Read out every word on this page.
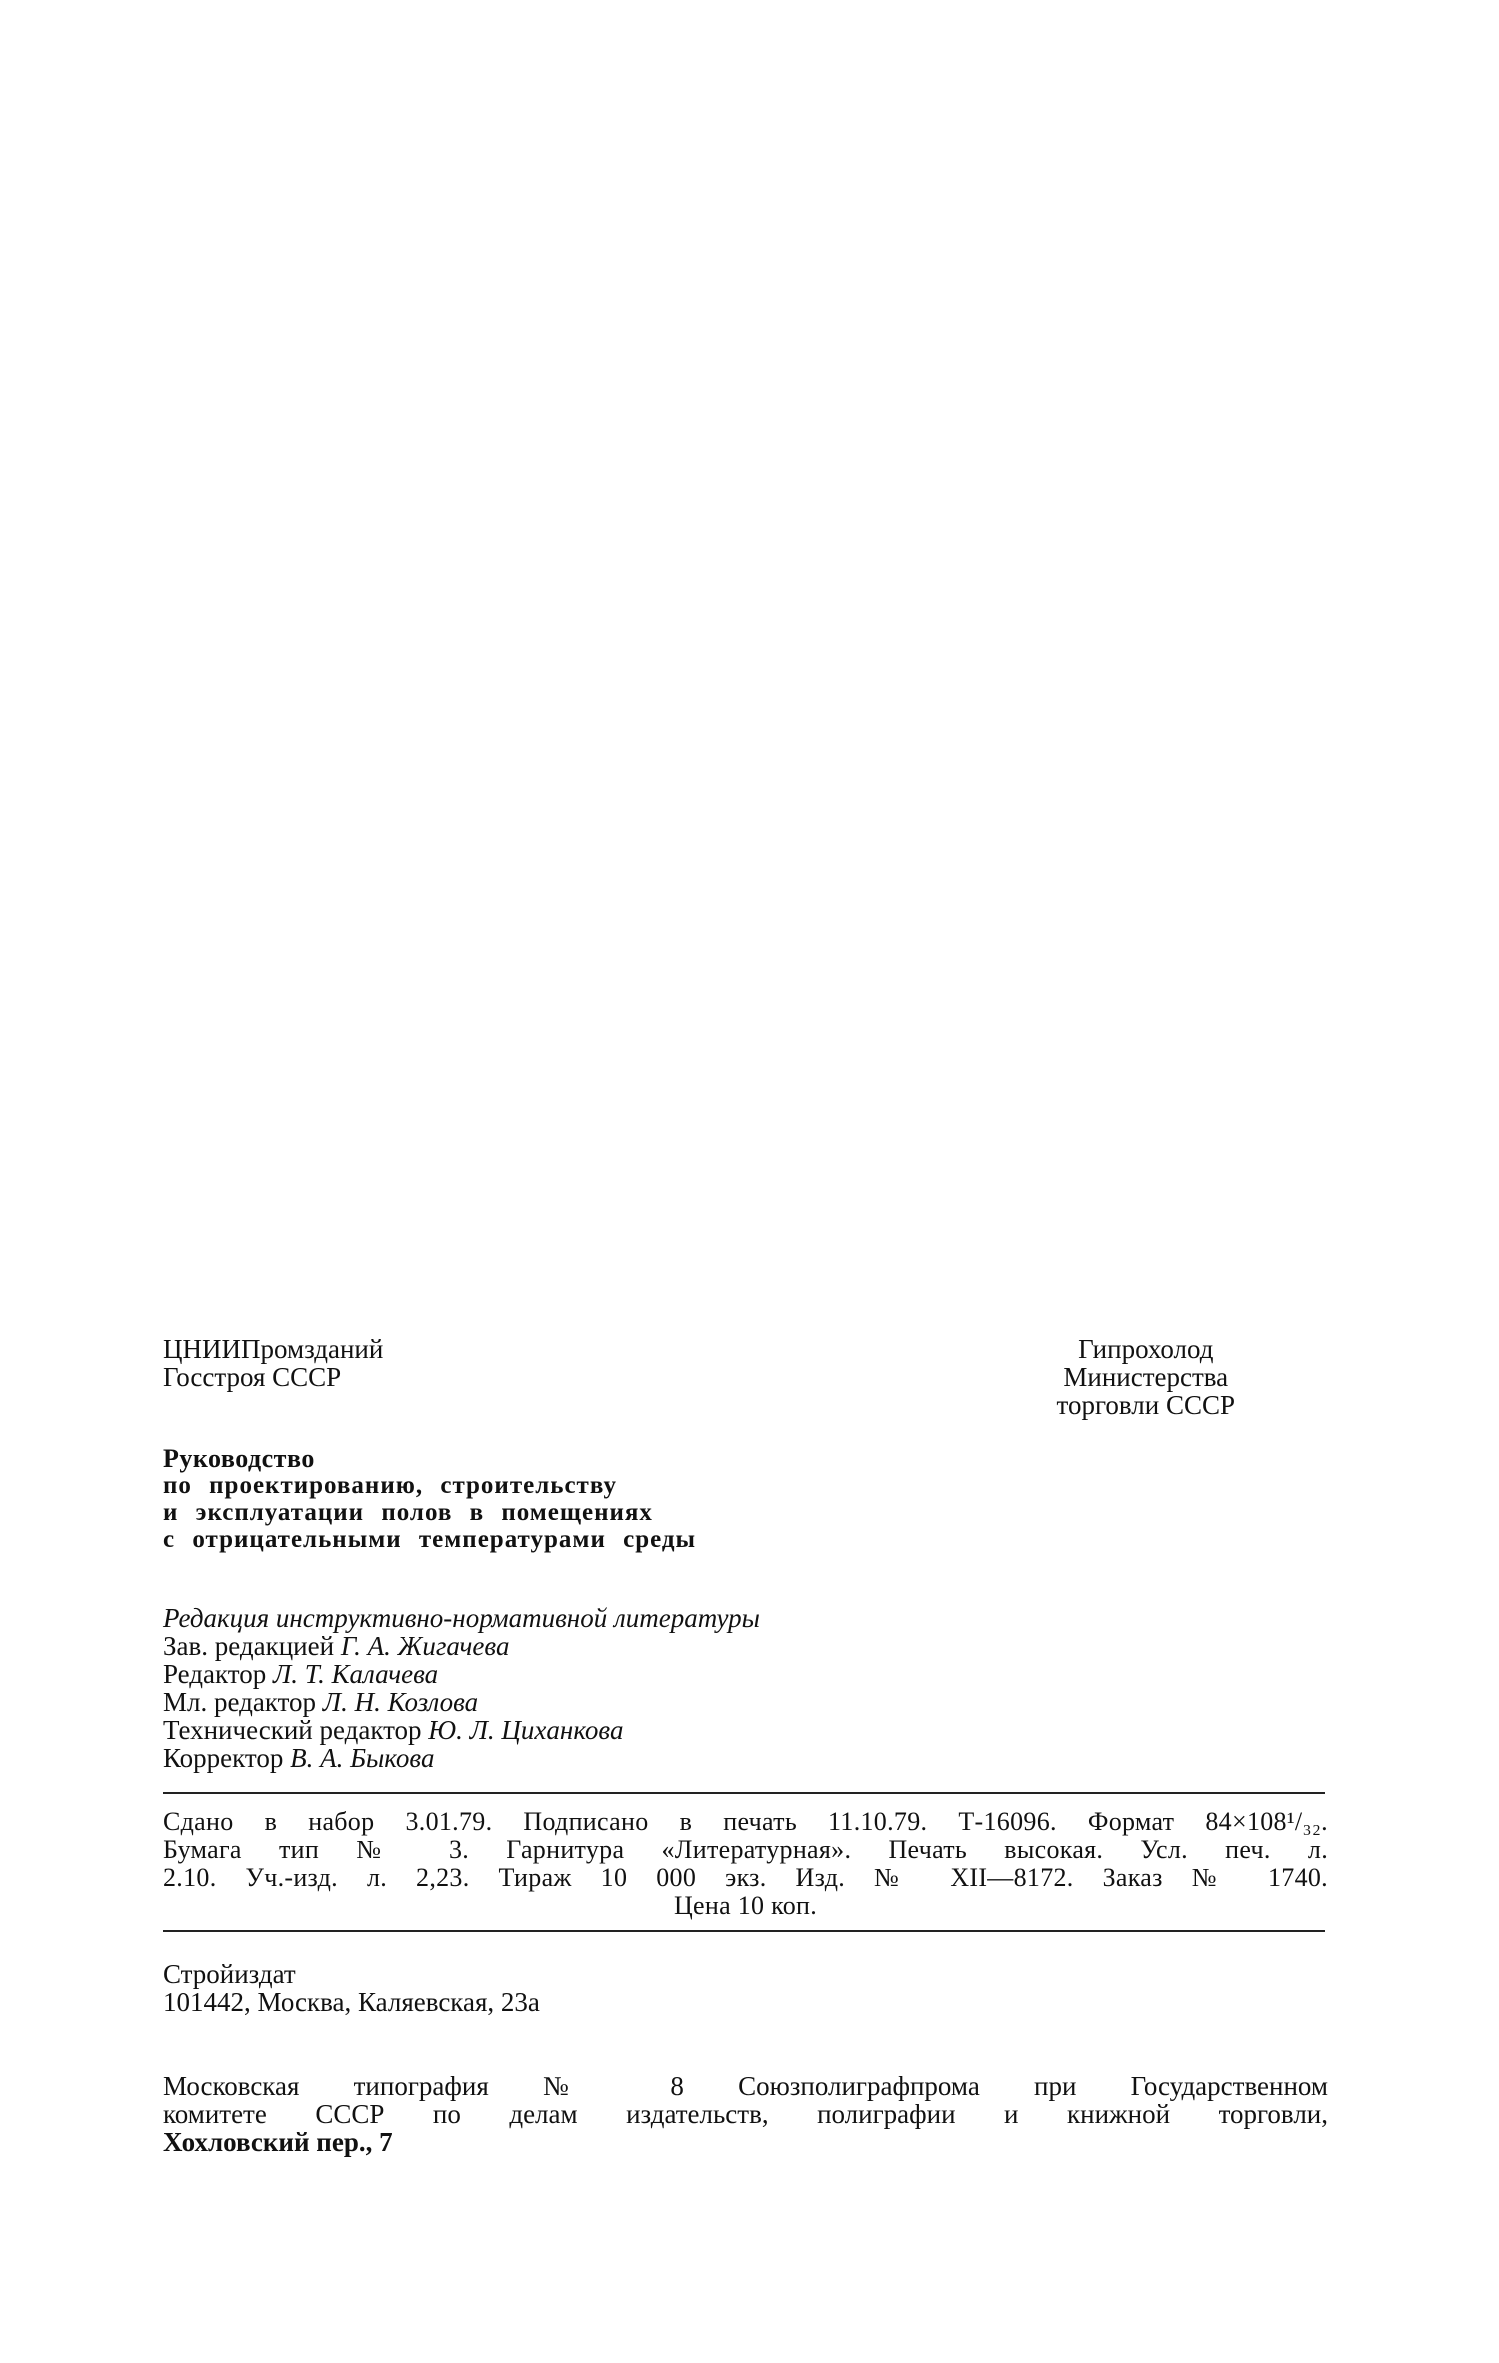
ЦНИИПромзданий
Госстроя СССР
Гипрохолод
Министерства
торговли СССР
Руководство
по проектированию, строительству
и эксплуатации полов в помещениях
с отрицательными температурами среды
Редакция инструктивно-нормативной литературы
Зав. редакцией Г. А. Жигачева
Редактор Л. Т. Калачева
Мл. редактор Л. Н. Козлова
Технический редактор Ю. Л. Цихaнкова
Корректор В. А. Быкова
Сдано в набор 3.01.79. Подписано в печать 11.10.79. Т-16096. Формат 84×108¹/₃₂.
Бумага тип № 3. Гарнитура «Литературная». Печать высокая. Усл. печ. л.
2.10. Уч.-изд. л. 2,23. Тираж 10 000 экз. Изд. № XII—8172. Заказ № 1740.
Цена 10 коп.
Стройиздат
101442, Москва, Каляевская, 23а
Московская типография № 8 Союзполиграфпрома при Государственном
комитете СССР по делам издательств, полиграфии и книжной торговли,
Хохловский пер., 7
